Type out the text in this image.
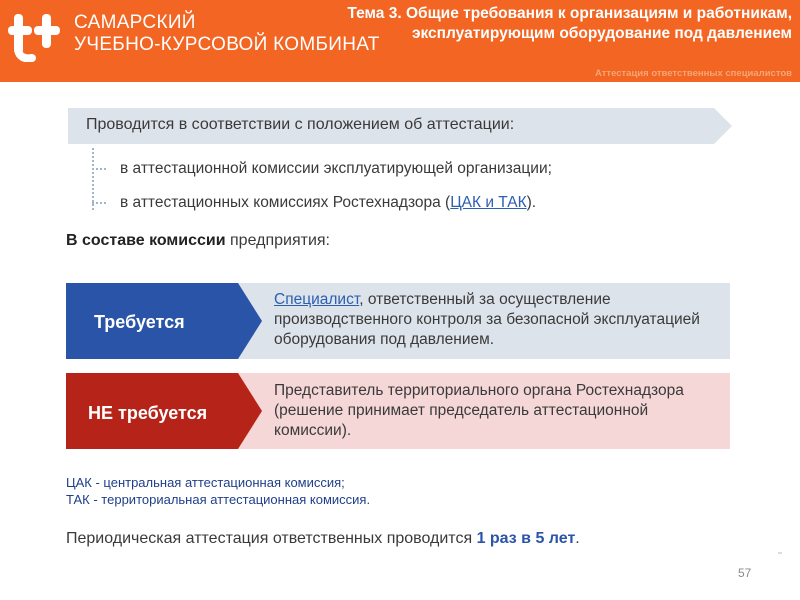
САМАРСКИЙ
УЧЕБНО-КУРСОВОЙ КОМБИНАТ
Тема 3. Общие требования к организациям и работникам, эксплуатирующим оборудование под давлением
Аттестация ответственных специалистов
Проводится в соответствии с положением об аттестации:
в аттестационной комиссии эксплуатирующей организации;
в аттестационных комиссиях Ростехнадзора (ЦАК и ТАК).
В составе комиссии предприятия:
Требуется
Специалист, ответственный за осуществление производственного контроля за безопасной эксплуатацией оборудования под давлением.
НЕ требуется
Представитель территориального органа Ростехнадзора (решение принимает председатель аттестационной комиссии).
ЦАК - центральная аттестационная комиссия;
ТАК - территориальная аттестационная комиссия.
Периодическая аттестация ответственных проводится 1 раз в 5 лет.
57
